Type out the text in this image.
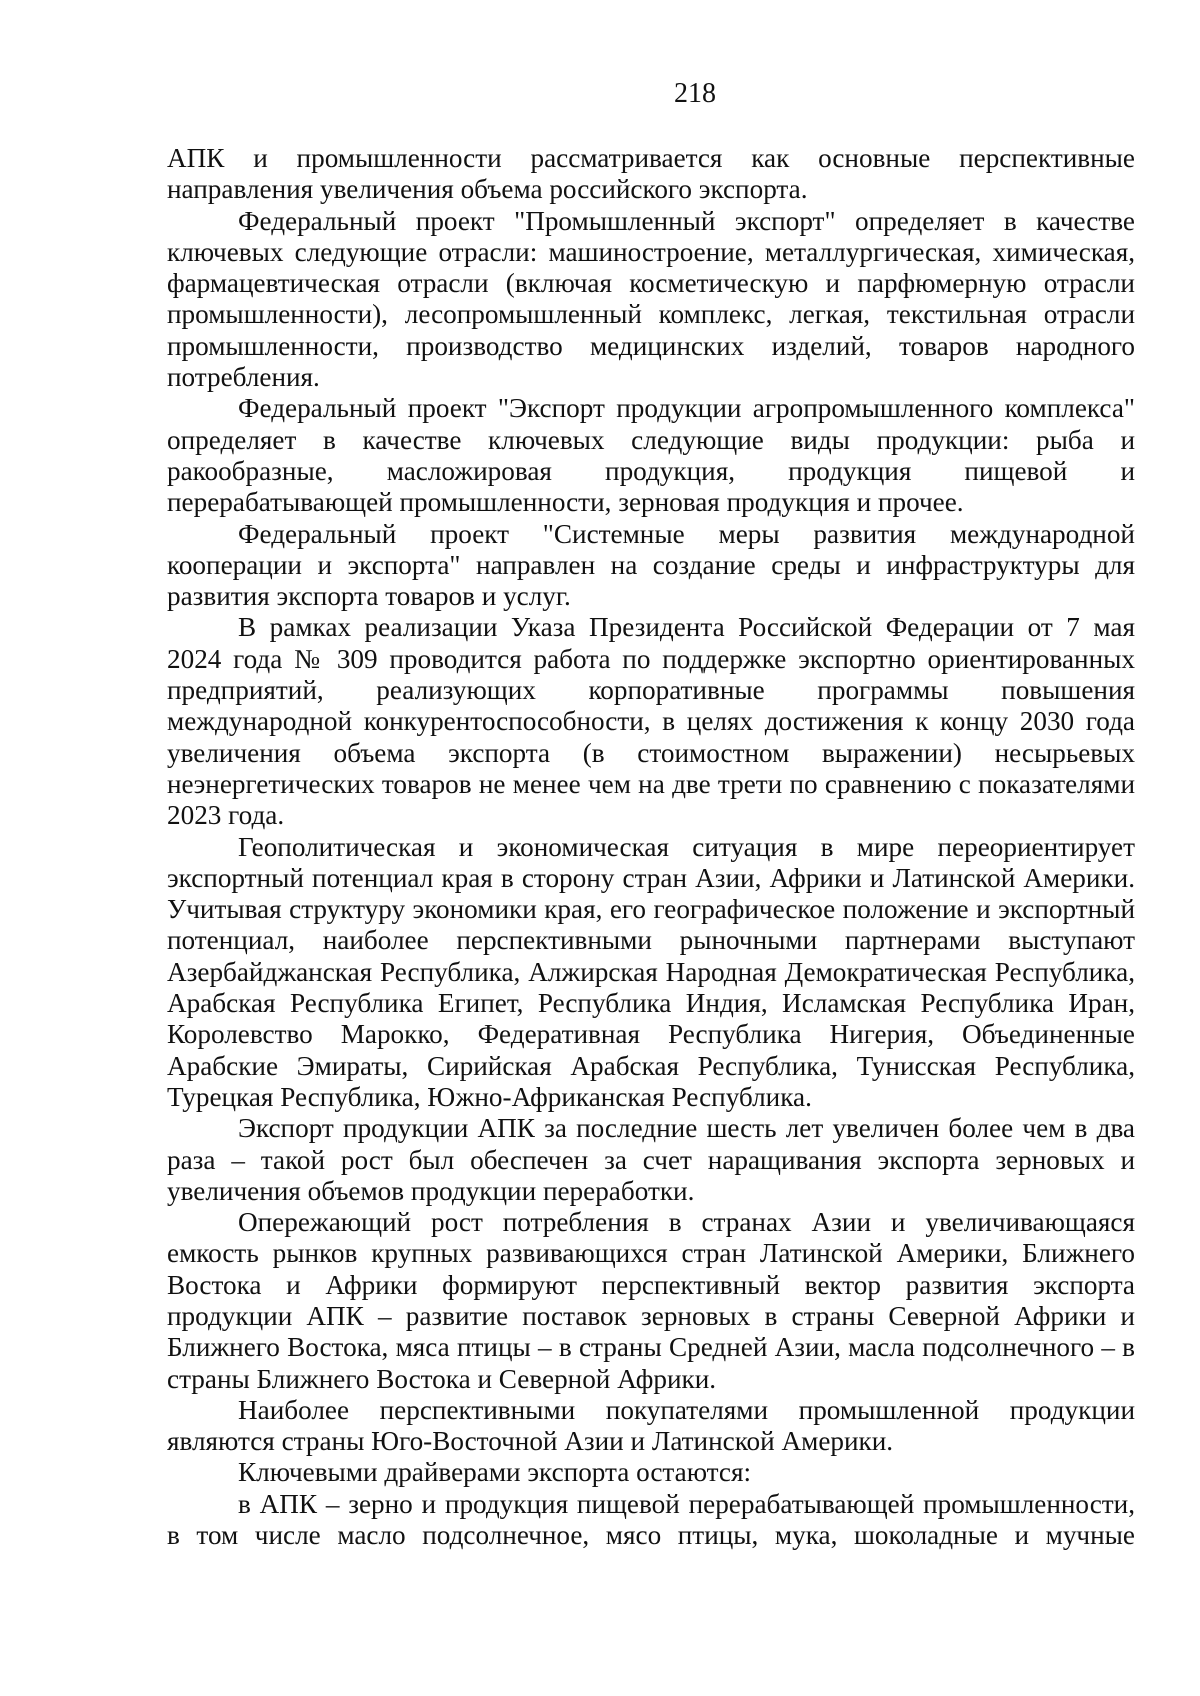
218

АПК и промышленности рассматривается как основные перспективные направления увеличения объема российского экспорта.

Федеральный проект "Промышленный экспорт" определяет в качестве ключевых следующие отрасли: машиностроение, металлургическая, химическая, фармацевтическая отрасли (включая косметическую и парфюмерную отрасли промышленности), лесопромышленный комплекс, легкая, текстильная отрасли промышленности, производство медицинских изделий, товаров народного потребления.

Федеральный проект "Экспорт продукции агропромышленного комплекса" определяет в качестве ключевых следующие виды продукции: рыба и ракообразные, масложировая продукция, продукция пищевой и перерабатывающей промышленности, зерновая продукция и прочее.

Федеральный проект "Системные меры развития международной кооперации и экспорта" направлен на создание среды и инфраструктуры для развития экспорта товаров и услуг.

В рамках реализации Указа Президента Российской Федерации от 7 мая 2024 года № 309 проводится работа по поддержке экспортно ориентированных предприятий, реализующих корпоративные программы повышения международной конкурентоспособности, в целях достижения к концу 2030 года увеличения объема экспорта (в стоимостном выражении) несырьевых неэнергетических товаров не менее чем на две трети по сравнению с показателями 2023 года.

Геополитическая и экономическая ситуация в мире переориентирует экспортный потенциал края в сторону стран Азии, Африки и Латинской Америки. Учитывая структуру экономики края, его географическое положение и экспортный потенциал, наиболее перспективными рыночными партнерами выступают Азербайджанская Республика, Алжирская Народная Демократическая Республика, Арабская Республика Египет, Республика Индия, Исламская Республика Иран, Королевство Марокко, Федеративная Республика Нигерия, Объединенные Арабские Эмираты, Сирийская Арабская Республика, Тунисская Республика, Турецкая Республика, Южно-Африканская Республика.

Экспорт продукции АПК за последние шесть лет увеличен более чем в два раза – такой рост был обеспечен за счет наращивания экспорта зерновых и увеличения объемов продукции переработки.

Опережающий рост потребления в странах Азии и увеличивающаяся емкость рынков крупных развивающихся стран Латинской Америки, Ближнего Востока и Африки формируют перспективный вектор развития экспорта продукции АПК – развитие поставок зерновых в страны Северной Африки и Ближнего Востока, мяса птицы – в страны Средней Азии, масла подсолнечного – в страны Ближнего Востока и Северной Африки.

Наиболее перспективными покупателями промышленной продукции являются страны Юго-Восточной Азии и Латинской Америки.

Ключевыми драйверами экспорта остаются:

в АПК – зерно и продукция пищевой перерабатывающей промышленности, в том числе масло подсолнечное, мясо птицы, мука, шоколадные и мучные
